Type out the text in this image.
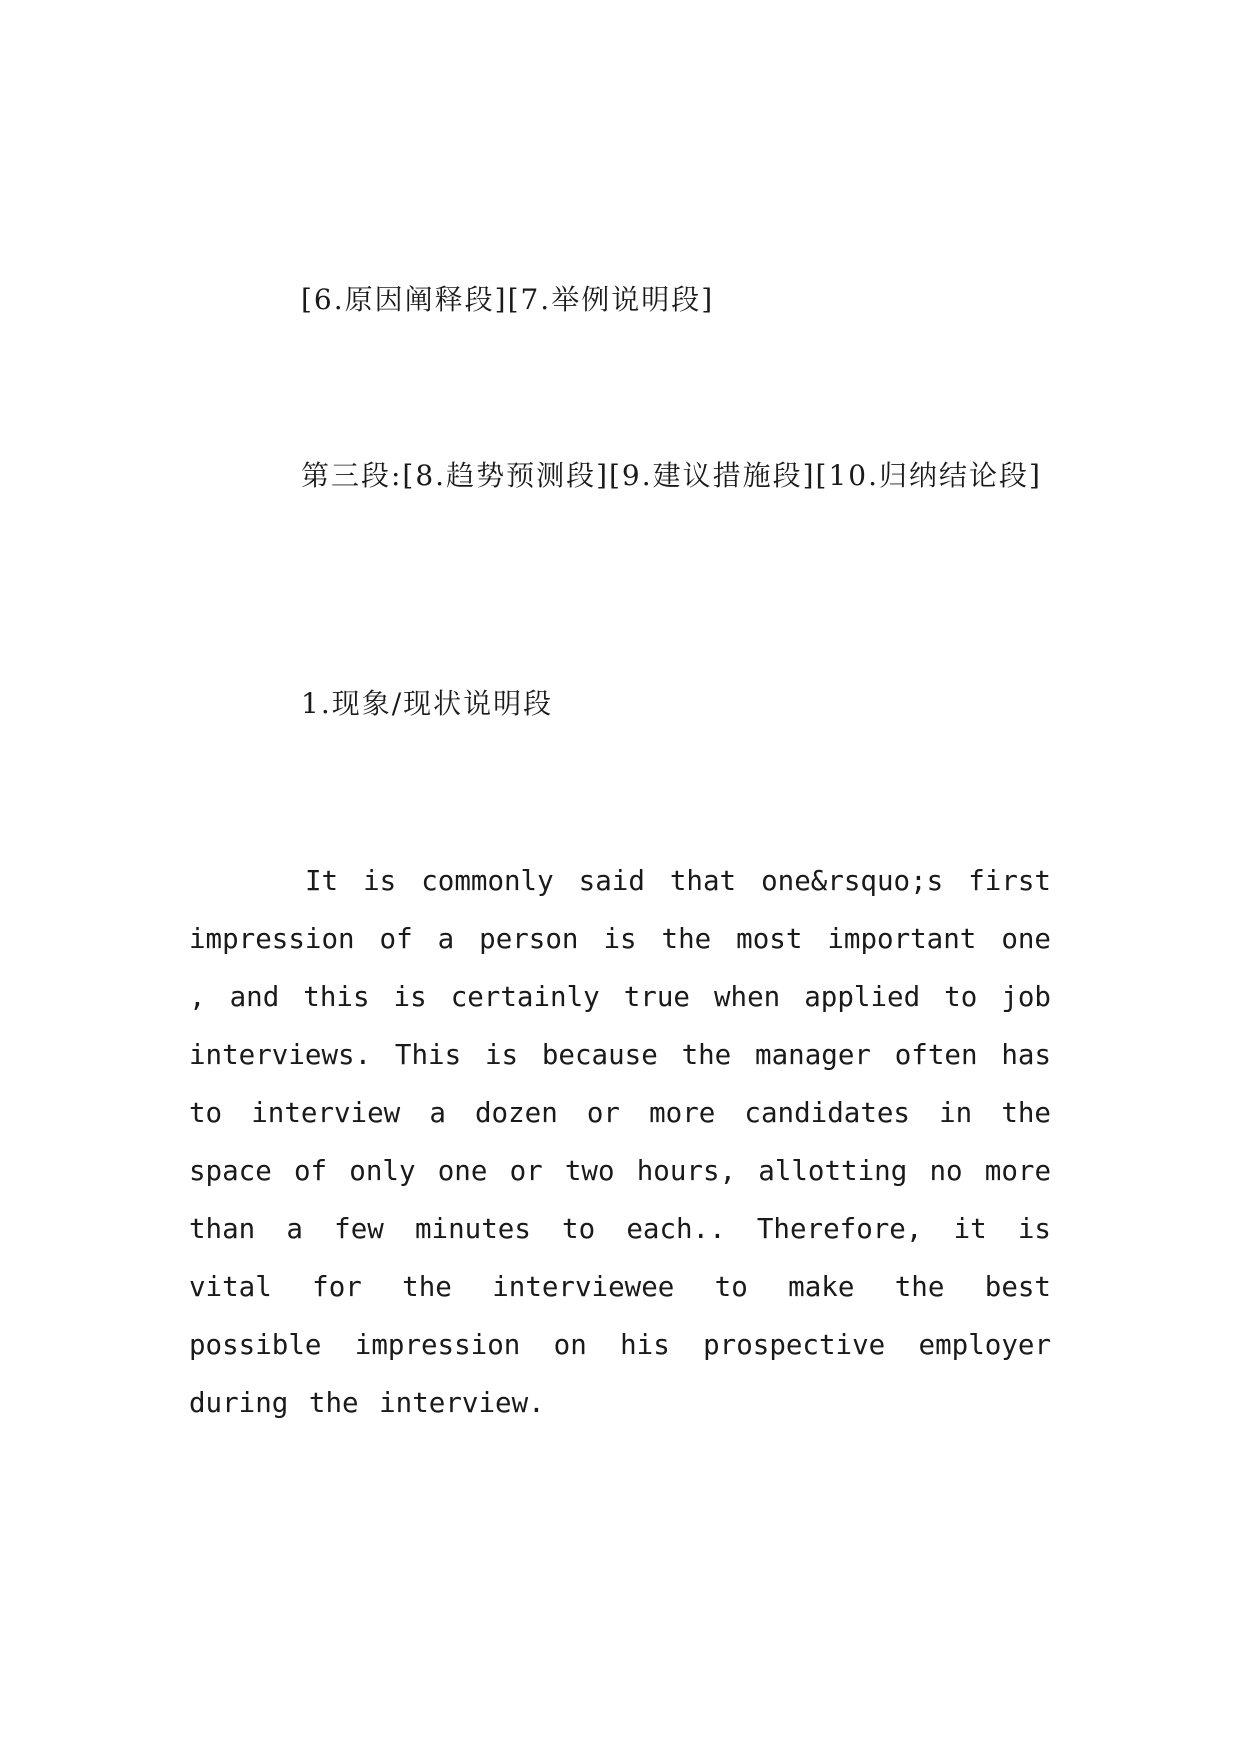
[6.原因阐释段][7.举例说明段]

第三段:[8.趋势预测段][9.建议措施段][10.归纳结论段]

1.现象/现状说明段

It is commonly said that one&rsquo;s first impression of a person is the most important one , and this is certainly true when applied to job interviews. This is because the manager often has to interview a dozen or more candidates in the space of only one or two hours, allotting no more than a few minutes to each.. Therefore, it is vital for the interviewee to make the best possible impression on his prospective employer during the interview.
